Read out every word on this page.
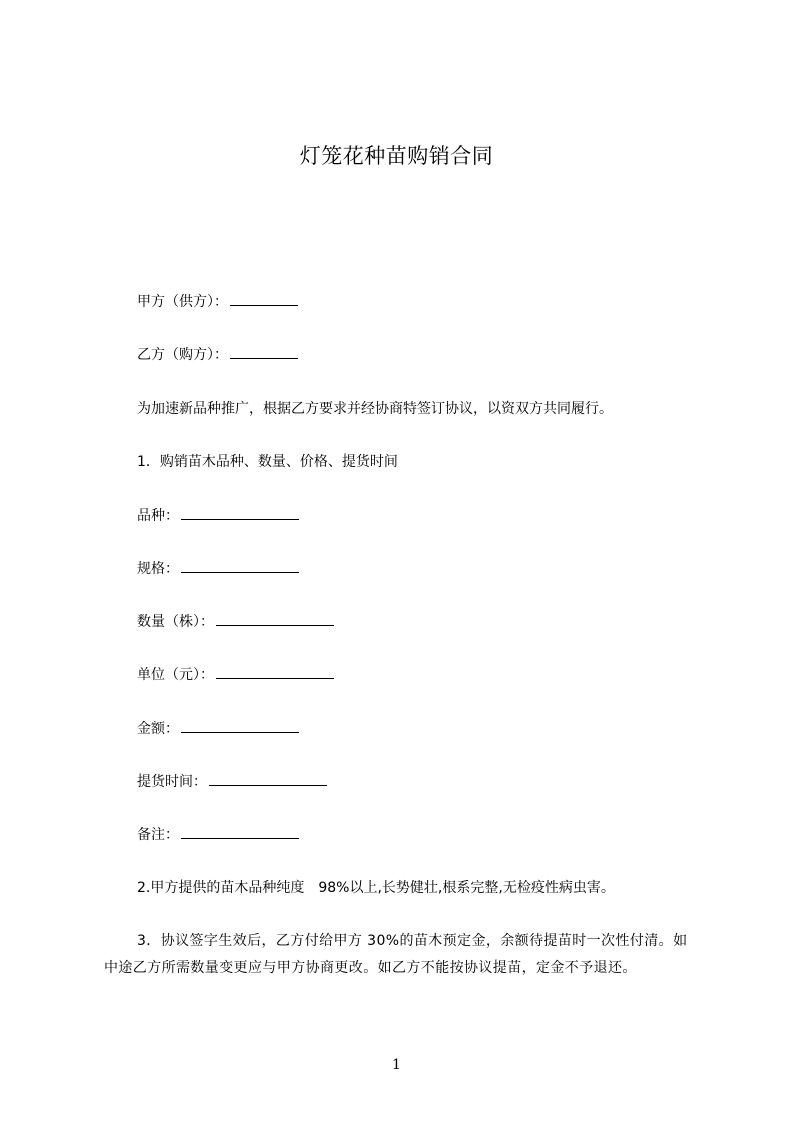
灯笼花种苗购销合同
甲方（供方）：
乙方（购方）：
为加速新品种推广，根据乙方要求并经协商特签订协议，以资双方共同履行。
1．购销苗木品种、数量、价格、提货时间
品种：
规格：
数量（株）：
单位（元）：
金额：
提货时间：
备注：
2.甲方提供的苗木品种纯度　98%以上,长势健壮,根系完整,无检疫性病虫害。
3．协议签字生效后，乙方付给甲方 30%的苗木预定金，余额待提苗时一次性付清。如中途乙方所需数量变更应与甲方协商更改。如乙方不能按协议提苗，定金不予退还。
1
